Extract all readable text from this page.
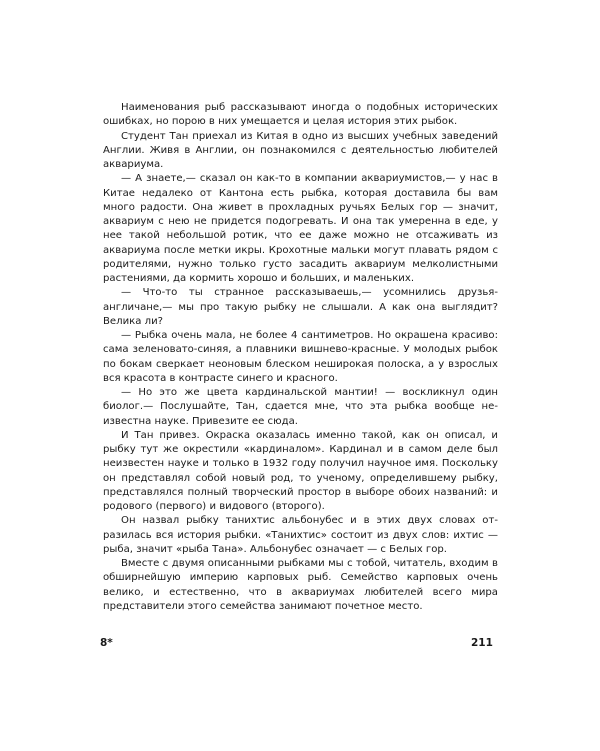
Наименования рыб рассказывают иногда о подобных исторических ошибках, но порою в них умещается и целая история этих рыбок.

Студент Тан приехал из Китая в одно из высших учебных заведений Англии. Живя в Англии, он познакомился с деятельностью любителей аквариума.

— А знаете,— сказал он как-то в компании аквариумистов,— у нас в Китае недалеко от Кантона есть рыбка, которая доставила бы вам много радости. Она живет в прохладных ручьях Белых гор — значит, аквариум с нею не придется подогревать. И она так умеренна в еде, у нее такой небольшой ротик, что ее даже можно не отсаживать из аквариума после метки икры. Крохотные мальки могут плавать рядом с родителями, нужно только густо засадить аквариум мелколистными растениями, да кормить хорошо и больших, и маленьких.

— Что-то ты странное рассказываешь,— усомнились друзья-англичане,— мы про такую рыбку не слышали. А как она выглядит? Велика ли?

— Рыбка очень мала, не более 4 сантиметров. Но окрашена красиво: сама зеленовато-синяя, а плавники вишнево-красные. У молодых рыбок по бокам сверкает неоновым блеском неширокая полоска, а у взрослых вся красота в контрасте синего и красного.

— Но это же цвета кардинальской мантии! — воскликнул один биолог.— Послушайте, Тан, сдается мне, что эта рыбка вообще неизвестна науке. Привезите ее сюда.

И Тан привез. Окраска оказалась именно такой, как он описал, и рыбку тут же окрестили «кардиналом». Кардинал и в самом деле был неизвестен науке и только в 1932 году получил научное имя. Поскольку он представлял собой новый род, то ученому, определившему рыбку, представлялся полный творческий простор в выборе обоих названий: и родового (первого) и видового (второго).

Он назвал рыбку танихтис альбонубес и в этих двух словах отразилась вся история рыбки. «Танихтис» состоит из двух слов: ихтис — рыба, значит «рыба Тана». Альбонубес означает — с Белых гор.

Вместе с двумя описанными рыбками мы с тобой, читатель, входим в обширнейшую империю карповых рыб. Семейство карповых очень велико, и естественно, что в аквариумах любителей всего мира представители этого семейства занимают почетное место.

8*	211
